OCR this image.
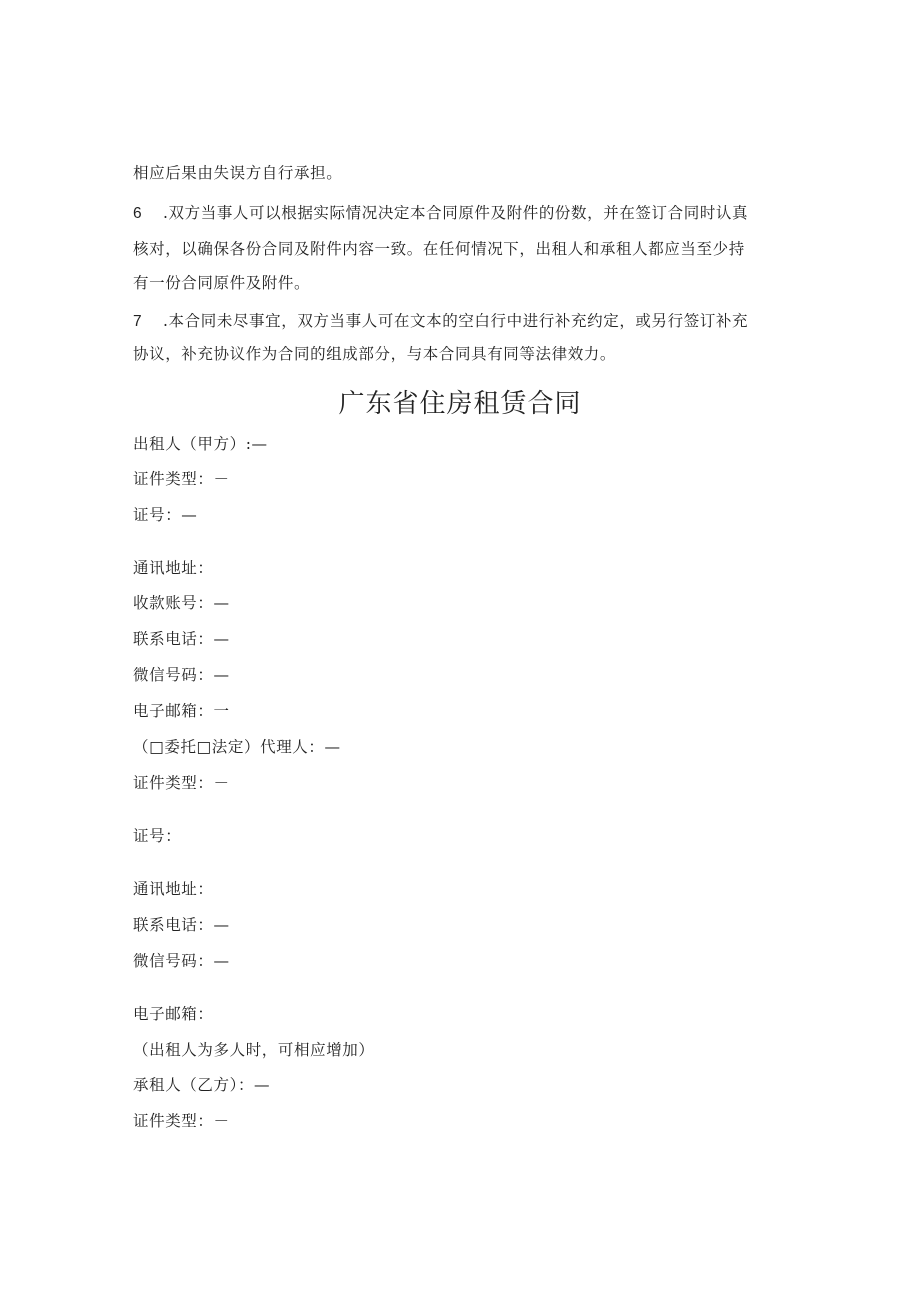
相应后果由失误方自行承担。
6 .双方当事人可以根据实际情况决定本合同原件及附件的份数，并在签订合同时认真
核对，以确保各份合同及附件内容一致。在任何情况下，出租人和承租人都应当至少持
有一份合同原件及附件。
7 .本合同未尽事宜，双方当事人可在文本的空白行中进行补充约定，或另行签订补充
协议，补充协议作为合同的组成部分，与本合同具有同等法律效力。
广东省住房租赁合同
出租人（甲方）:—
证件类型：－
证号：—
通讯地址：
收款账号：—
联系电话：—
微信号码：—
电子邮箱：一
（□委托□法定）代理人：—
证件类型：－
证号：
通讯地址：
联系电话：—
微信号码：—
电子邮箱：
（出租人为多人时，可相应增加）
承租人（乙方）：—
证件类型：－
